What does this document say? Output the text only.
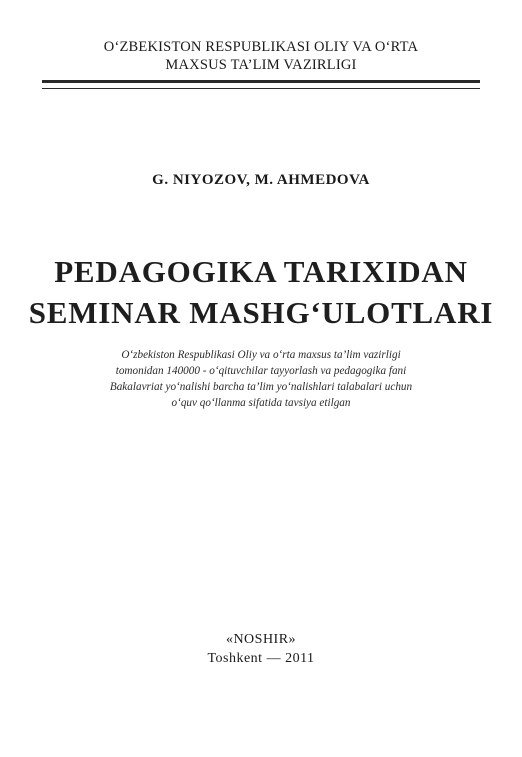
O‘ZBEKISTON RESPUBLIKASI OLIY VA O‘RTA
MAXSUS TA’LIM VAZIRLIGI
G. NIYOZOV, M. AHMEDOVA
PEDAGOGIKA TARIXIDAN
SEMINAR MASHG‘ULOTLARI
O‘zbekiston Respublikasi Oliy va o‘rta maxsus ta’lim vazirligi
tomonidan 140000 - o‘qituvchilar tayyorlash va pedagogika fani
Bakalavriat yo‘nalishi barcha ta’lim yo‘nalishlari talabalari uchun
o‘quv qo‘llanma sifatida tavsiya etilgan
«NOSHIR»
Toshkent — 2011
